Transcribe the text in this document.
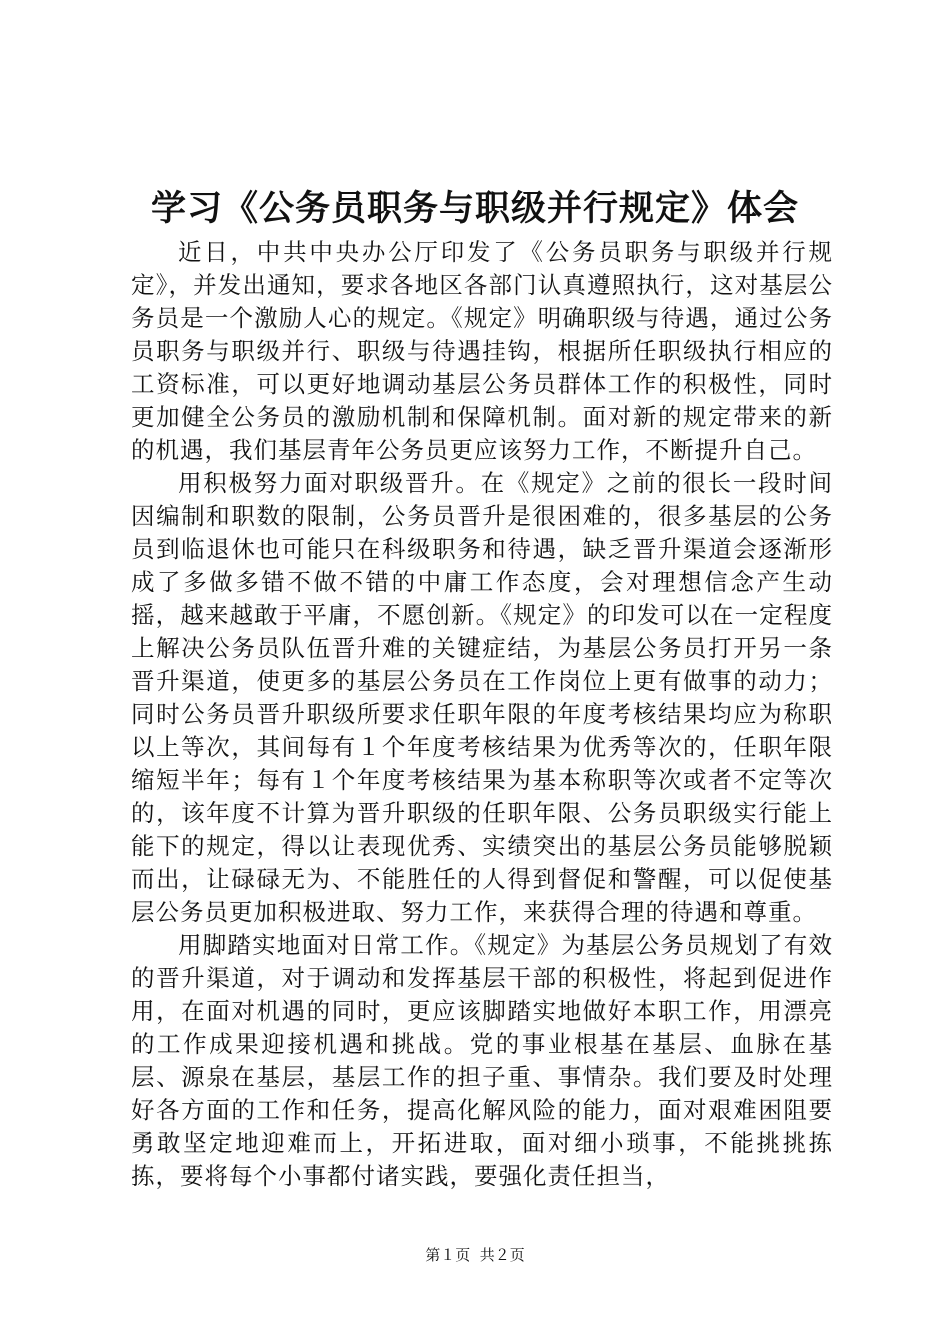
学习《公务员职务与职级并行规定》体会

近日，中共中央办公厅印发了《公务员职务与职级并行规定》，并发出通知，要求各地区各部门认真遵照执行，这对基层公务员是一个激励人心的规定。《规定》明确职级与待遇，通过公务员职务与职级并行、职级与待遇挂钩，根据所任职级执行相应的工资标准，可以更好地调动基层公务员群体工作的积极性，同时更加健全公务员的激励机制和保障机制。面对新的规定带来的新的机遇，我们基层青年公务员更应该努力工作，不断提升自己。

用积极努力面对职级晋升。在《规定》之前的很长一段时间因编制和职数的限制，公务员晋升是很困难的，很多基层的公务员到临退休也可能只在科级职务和待遇，缺乏晋升渠道会逐渐形成了多做多错不做不错的中庸工作态度，会对理想信念产生动摇，越来越敢于平庸，不愿创新。《规定》的印发可以在一定程度上解决公务员队伍晋升难的关键症结，为基层公务员打开另一条晋升渠道，使更多的基层公务员在工作岗位上更有做事的动力；同时公务员晋升职级所要求任职年限的年度考核结果均应为称职以上等次，其间每有１个年度考核结果为优秀等次的，任职年限缩短半年；每有１个年度考核结果为基本称职等次或者不定等次的，该年度不计算为晋升职级的任职年限、公务员职级实行能上能下的规定，得以让表现优秀、实绩突出的基层公务员能够脱颖而出，让碌碌无为、不能胜任的人得到督促和警醒，可以促使基层公务员更加积极进取、努力工作，来获得合理的待遇和尊重。

用脚踏实地面对日常工作。《规定》为基层公务员规划了有效的晋升渠道，对于调动和发挥基层干部的积极性，将起到促进作用，在面对机遇的同时，更应该脚踏实地做好本职工作，用漂亮的工作成果迎接机遇和挑战。党的事业根基在基层、血脉在基层、源泉在基层，基层工作的担子重、事情杂。我们要及时处理好各方面的工作和任务，提高化解风险的能力，面对艰难困阻要勇敢坚定地迎难而上，开拓进取，面对细小琐事，不能挑挑拣拣，要将每个小事都付诸实践，要强化责任担当，

第１页 共２页
